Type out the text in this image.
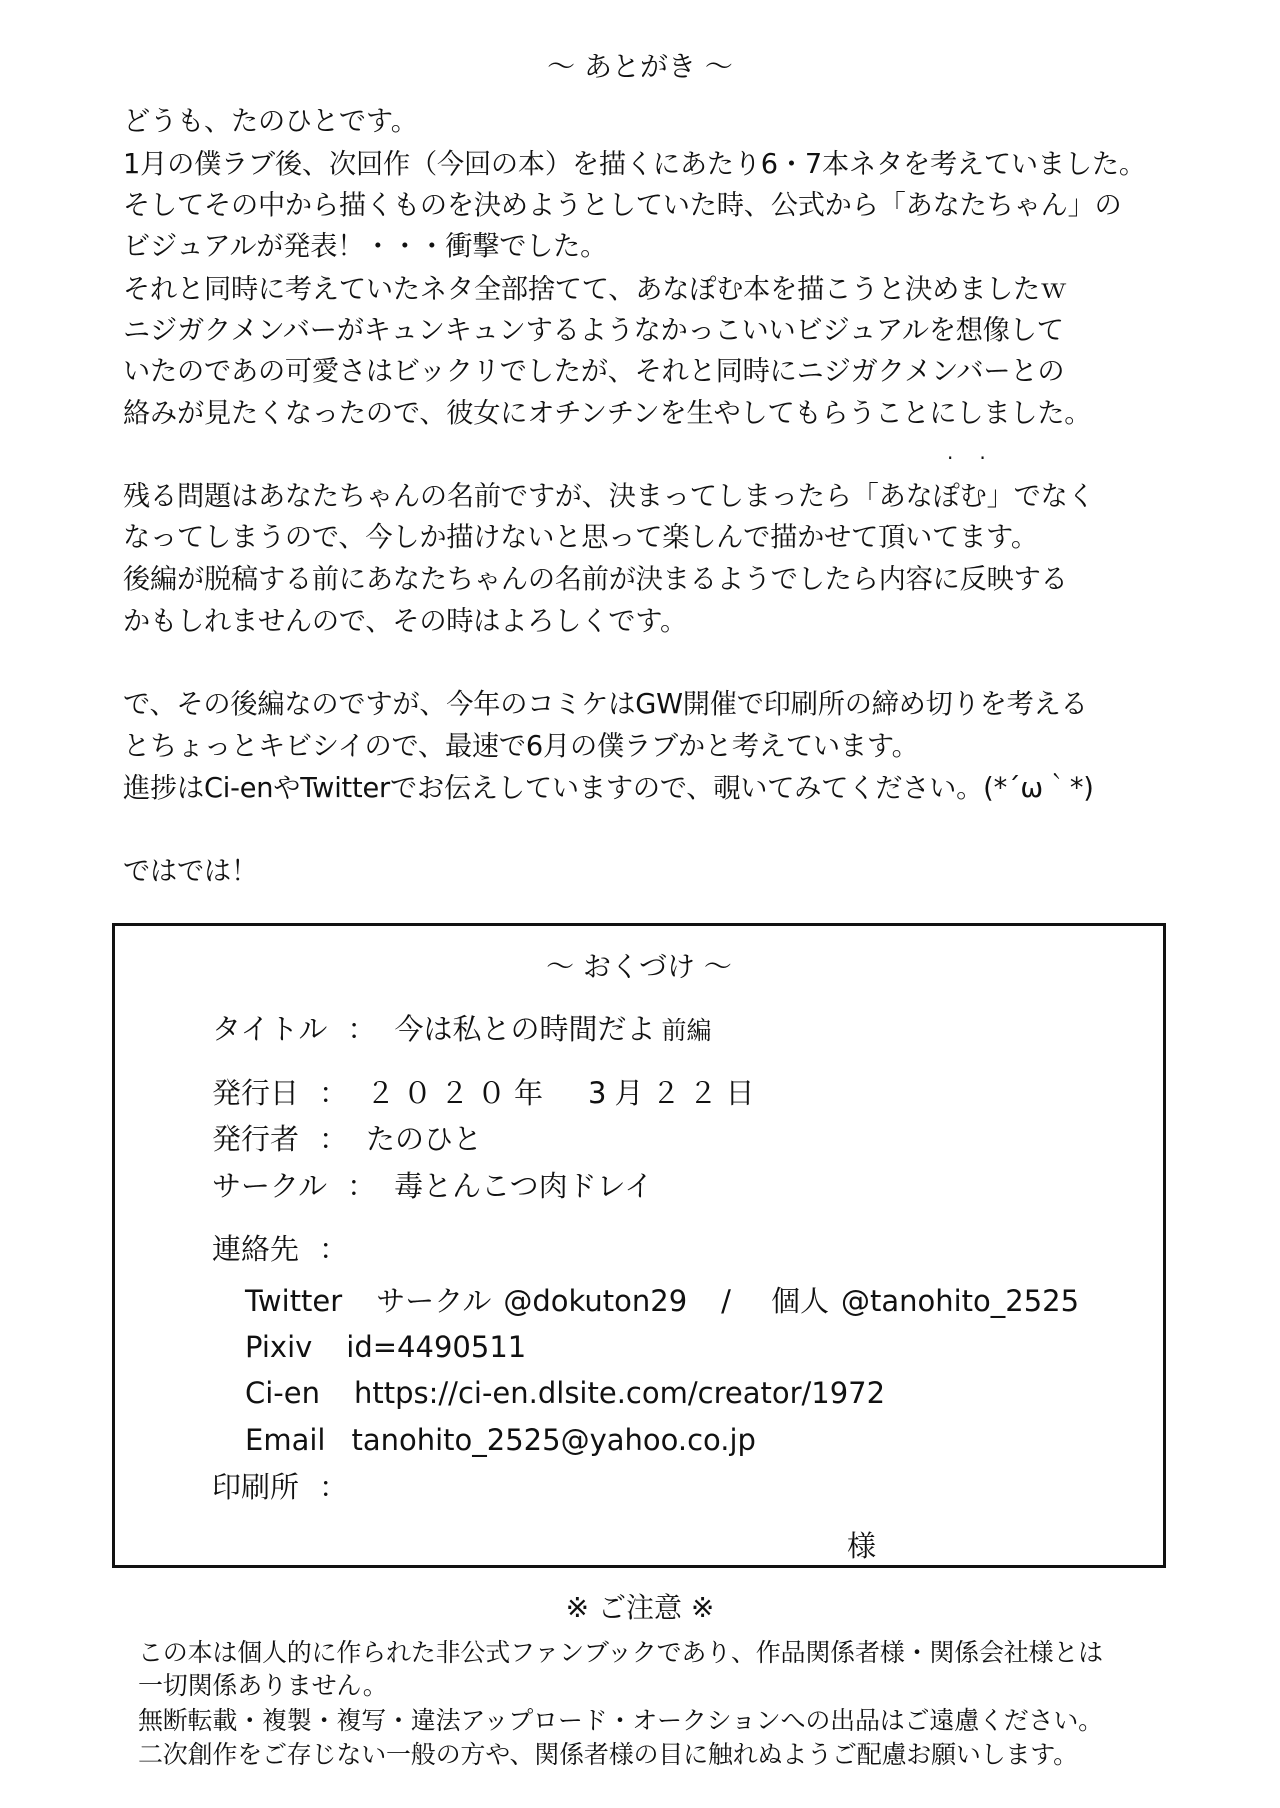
～ あとがき ～
どうも、たのひとです。
1月の僕ラブ後、次回作（今回の本）を描くにあたり6・7本ネタを考えていました。
そしてその中から描くものを決めようとしていた時、公式から「あなたちゃん」の
ビジュアルが発表！・・・衝撃でした。
それと同時に考えていたネタ全部捨てて、あなぽむ本を描こうと決めましたｗ
ニジガクメンバーがキュンキュンするようなかっこいいビジュアルを想像して
いたのであの可愛さはビックリでしたが、それと同時にニジガクメンバーとの
絡みが見たくなったので、彼女にオチンチンを生やしてもらうことにしました。
··
残る問題はあなたちゃんの名前ですが、決まってしまったら「あなぽむ」でなく
なってしまうので、今しか描けないと思って楽しんで描かせて頂いてます。
後編が脱稿する前にあなたちゃんの名前が決まるようでしたら内容に反映する
かもしれませんので、その時はよろしくです。
で、その後編なのですが、今年のコミケはGW開催で印刷所の締め切りを考える
とちょっとキビシイので、最速で6月の僕ラブかと考えています。
進捗はCi-enやTwitterでお伝えしていますので、覗いてみてください。(*´ω｀*)
ではでは！
～ おくづけ ～
タイトル ： 今は私との時間だよ 前編
発行日 ： ２０２０年　3月２２日
発行者 ： たのひと
サークル ： 毒とんこつ肉ドレイ
連絡先 ：
Twitter サークル @dokuton29 / 個人 @tanohito_2525
Pixiv id=4490511
Ci-en https://ci-en.dlsite.com/creator/1972
Email tanohito_2525@yahoo.co.jp
印刷所 ：
様
※ ご注意 ※
この本は個人的に作られた非公式ファンブックであり、作品関係者様・関係会社様とは
一切関係ありません。
無断転載・複製・複写・違法アップロード・オークションへの出品はご遠慮ください。
二次創作をご存じない一般の方や、関係者様の目に触れぬようご配慮お願いします。
